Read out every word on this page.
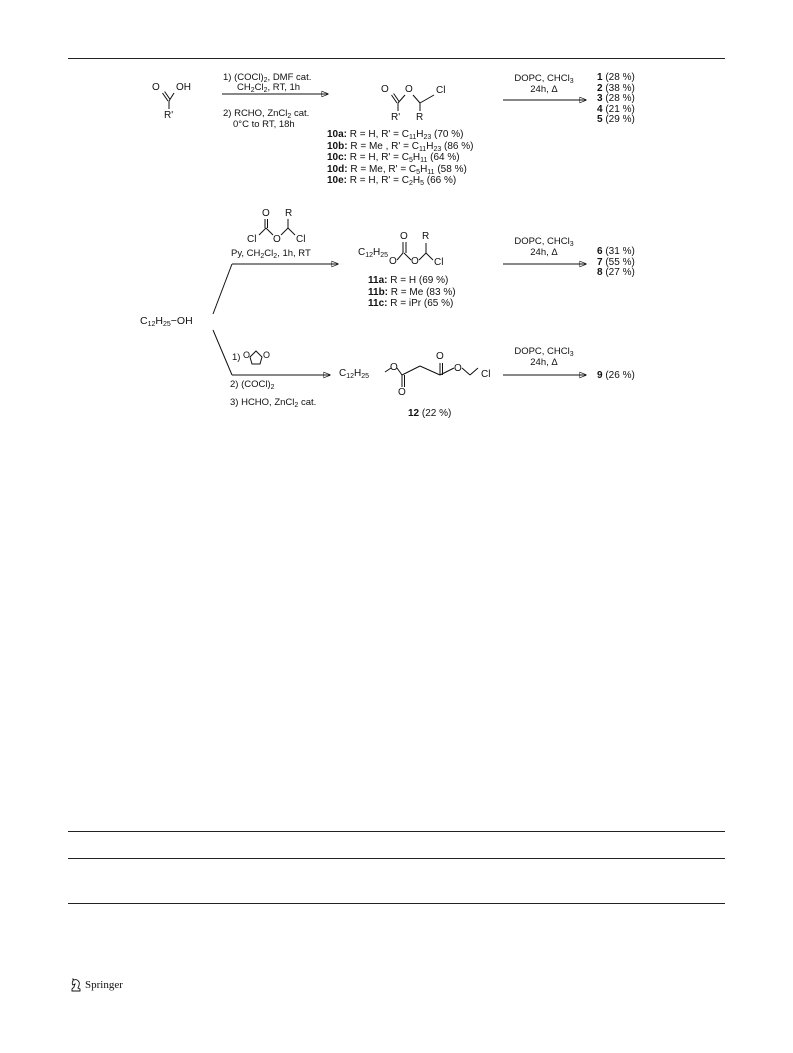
O OH
R'
1) $(COCl)_2$, DMF cat.
$CH_2Cl_2$, RT, 1h
2) RCHO, ZnCl$_2$ cat.
0°C to RT, 18h
O O Cl
R' R
10a: R = H, $R' = C_{11}H_{23}$ (70 %)
10b: R = Me , $R' = C_{11}H_{23}$ (86 %)
10c: R = H, $R' = C_5H_{11}$ (64 %)
10d: R = Me, $R' = C_5H_{11}$ (58 %)
10e: R = H, $R' = C_2H_5$ (66 %)
DOPC, CHCl$_3$
24h, Δ
1 (28 %)
2 (38 %)
3 (28 %)
4 (21 %)
5 (29 %)
$C_{12}H_{25}-OH$
O R
Cl O Cl
Py, $CH_2Cl_2$, 1h, RT	$C_{12}H_{25}$
O
O O
R
Cl
11a: R = H (69 %)
11b: R = Me (83 %)
11c: R = iPr (65 %)
DOPC, CHCl$_3$
24h, Δ	6 (31 %)
7 (55 %)
8 (27 %)
1) O O
2) $(COCl)_2$
3) HCHO, ZnCl$_2$ cat.
$C_{12}H_{25}$
O
O
O
O
Cl
12 (22 %)
DOPC, CHCl$_3$
24h, Δ
9 (26 %)
Springer
